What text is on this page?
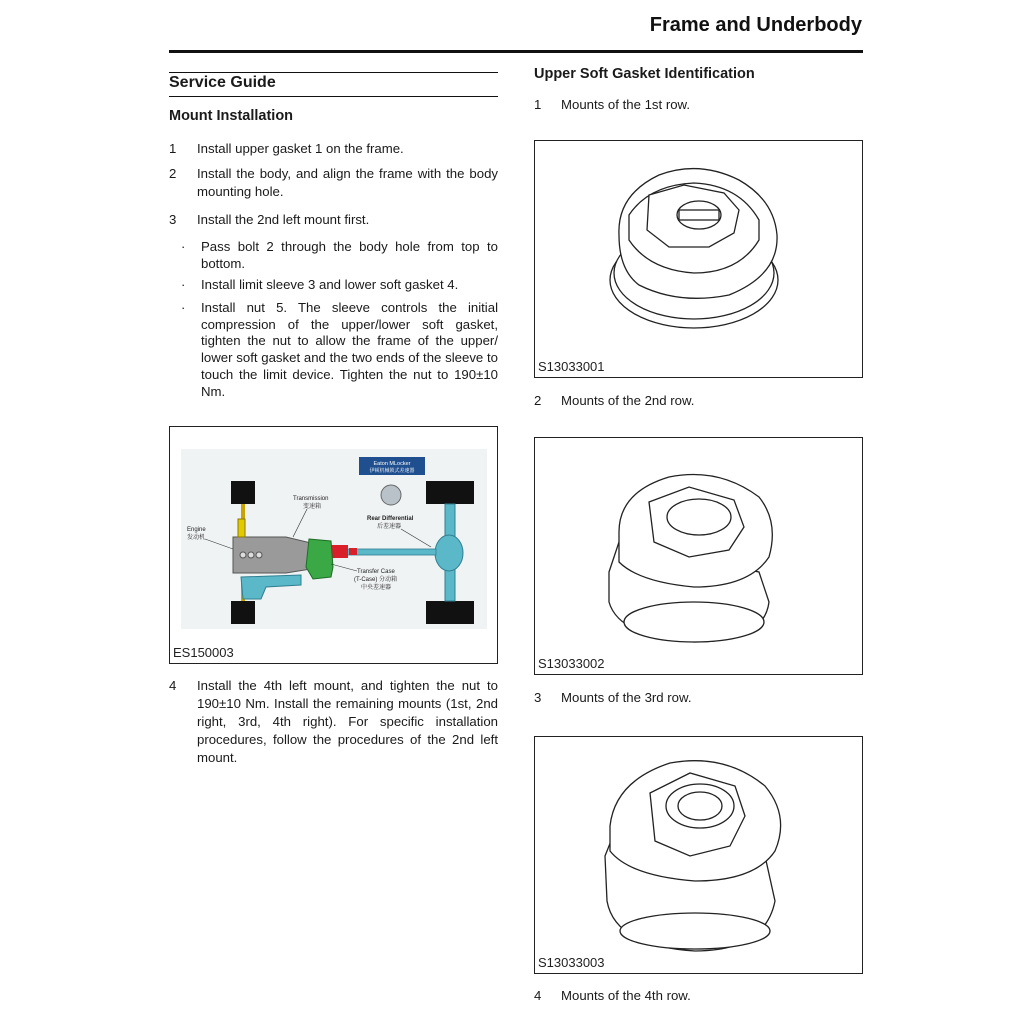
Frame and Underbody
Service Guide
Mount Installation
1 Install upper gasket 1 on the frame.
2 Install the body, and align the frame with the body mounting hole.
3 Install the 2nd left mount first.
· Pass bolt 2 through the body hole from top to bottom.
· Install limit sleeve 3 and lower soft gasket 4.
· Install nut 5. The sleeve controls the initial compression of the upper/lower soft gasket, tighten the nut to allow the frame of the upper/ lower soft gasket and the two ends of the sleeve to touch the limit device. Tighten the nut to 190±10 Nm.
Eaton MLocker
伊顿机械锁式差速器
Transmission
变速箱
Engine
发动机
Rear Differential
后差速器
Transfer Case
(T-Case) 分动箱
中央差速器
ES150003
4 Install the 4th left mount, and tighten the nut to 190±10 Nm. Install the remaining mounts (1st, 2nd right, 3rd, 4th right). For specific installation procedures, follow the procedures of the 2nd left mount.
Upper Soft Gasket Identification
1 Mounts of the 1st row.
S13033001
2 Mounts of the 2nd row.
S13033002
3 Mounts of the 3rd row.
S13033003
4 Mounts of the 4th row.
